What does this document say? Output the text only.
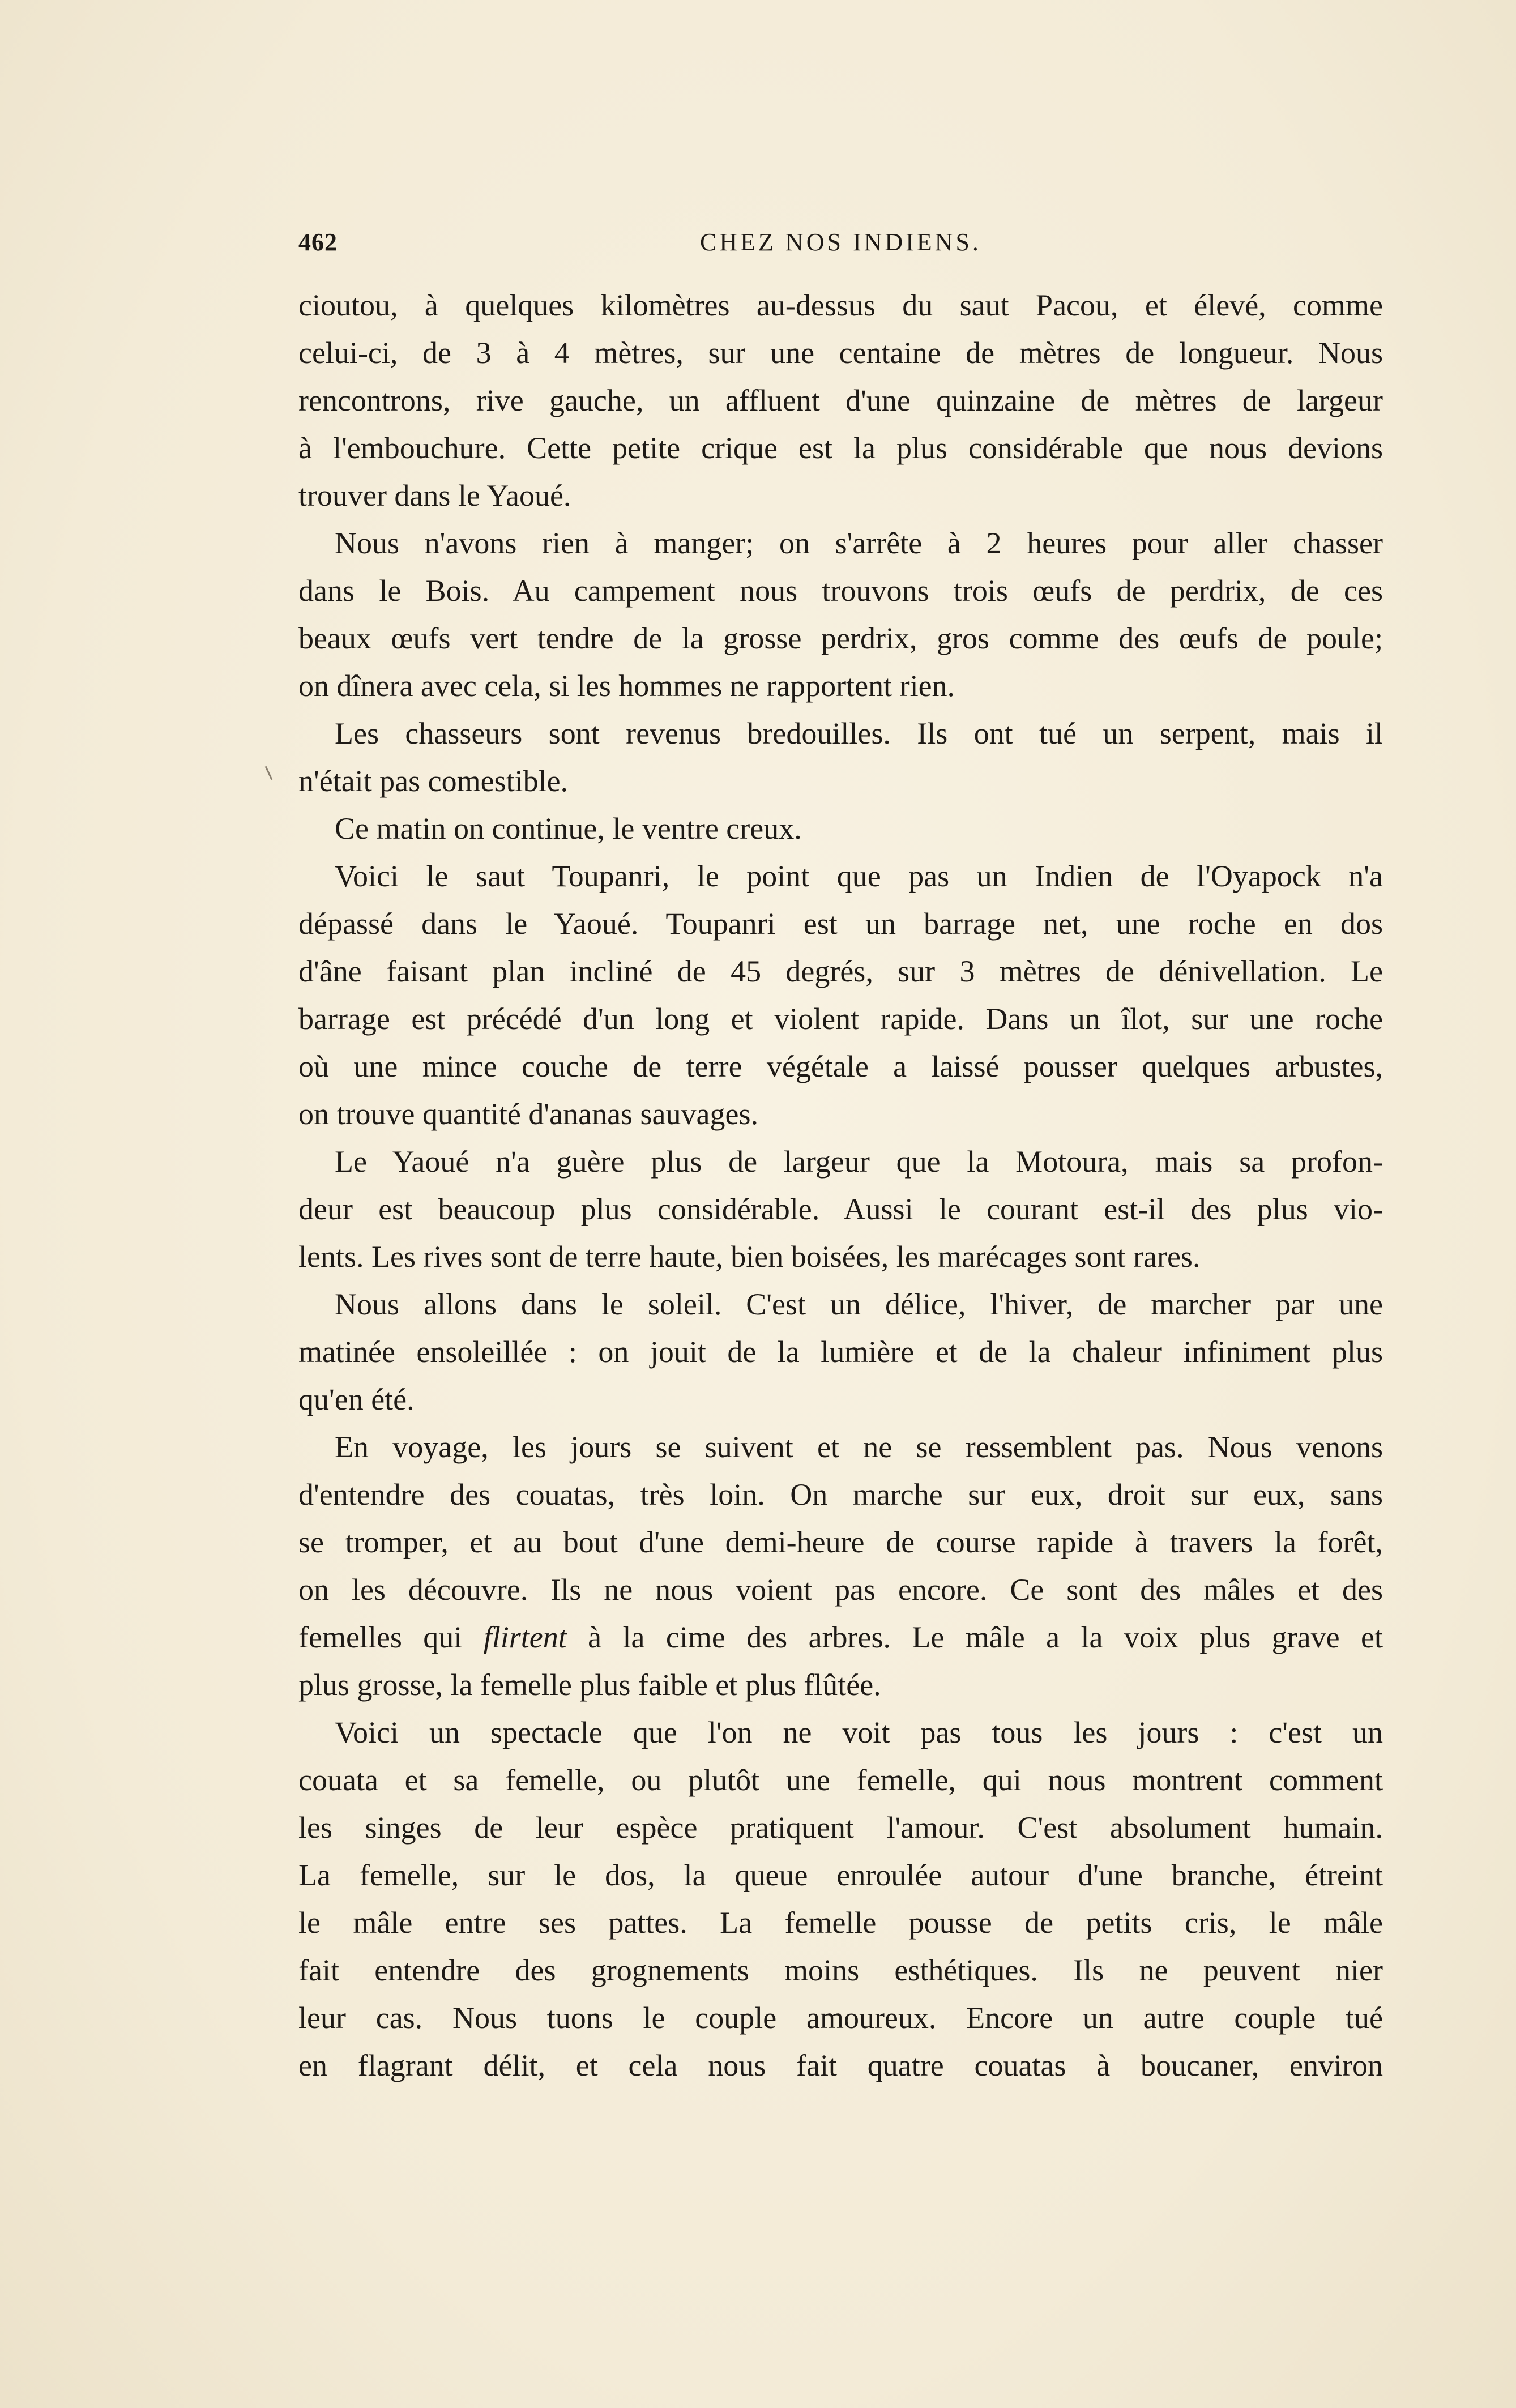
462	CHEZ NOS INDIENS.
cioutou, à quelques kilomètres au-dessus du saut Pacou, et élevé, comme
celui-ci, de 3 à 4 mètres, sur une centaine de mètres de longueur. Nous
rencontrons, rive gauche, un affluent d'une quinzaine de mètres de largeur
à l'embouchure. Cette petite crique est la plus considérable que nous devions
trouver dans le Yaoué.
Nous n'avons rien à manger; on s'arrête à 2 heures pour aller chasser
dans le Bois. Au campement nous trouvons trois œufs de perdrix, de ces
beaux œufs vert tendre de la grosse perdrix, gros comme des œufs de poule;
on dînera avec cela, si les hommes ne rapportent rien.
Les chasseurs sont revenus bredouilles. Ils ont tué un serpent, mais il
n'était pas comestible.
Ce matin on continue, le ventre creux.
Voici le saut Toupanri, le point que pas un Indien de l'Oyapock n'a
dépassé dans le Yaoué. Toupanri est un barrage net, une roche en dos
d'âne faisant plan incliné de 45 degrés, sur 3 mètres de dénivellation. Le
barrage est précédé d'un long et violent rapide. Dans un îlot, sur une roche
où une mince couche de terre végétale a laissé pousser quelques arbustes,
on trouve quantité d'ananas sauvages.
Le Yaoué n'a guère plus de largeur que la Motoura, mais sa profon-
deur est beaucoup plus considérable. Aussi le courant est-il des plus vio-
lents. Les rives sont de terre haute, bien boisées, les marécages sont rares.
Nous allons dans le soleil. C'est un délice, l'hiver, de marcher par une
matinée ensoleillée : on jouit de la lumière et de la chaleur infiniment plus
qu'en été.
En voyage, les jours se suivent et ne se ressemblent pas. Nous venons
d'entendre des couatas, très loin. On marche sur eux, droit sur eux, sans
se tromper, et au bout d'une demi-heure de course rapide à travers la forêt,
on les découvre. Ils ne nous voient pas encore. Ce sont des mâles et des
femelles qui flirtent à la cime des arbres. Le mâle a la voix plus grave et
plus grosse, la femelle plus faible et plus flûtée.
Voici un spectacle que l'on ne voit pas tous les jours : c'est un
couata et sa femelle, ou plutôt une femelle, qui nous montrent comment
les singes de leur espèce pratiquent l'amour. C'est absolument humain.
La femelle, sur le dos, la queue enroulée autour d'une branche, étreint
le mâle entre ses pattes. La femelle pousse de petits cris, le mâle
fait entendre des grognements moins esthétiques. Ils ne peuvent nier
leur cas. Nous tuons le couple amoureux. Encore un autre couple tué
en flagrant délit, et cela nous fait quatre couatas à boucaner, environ
